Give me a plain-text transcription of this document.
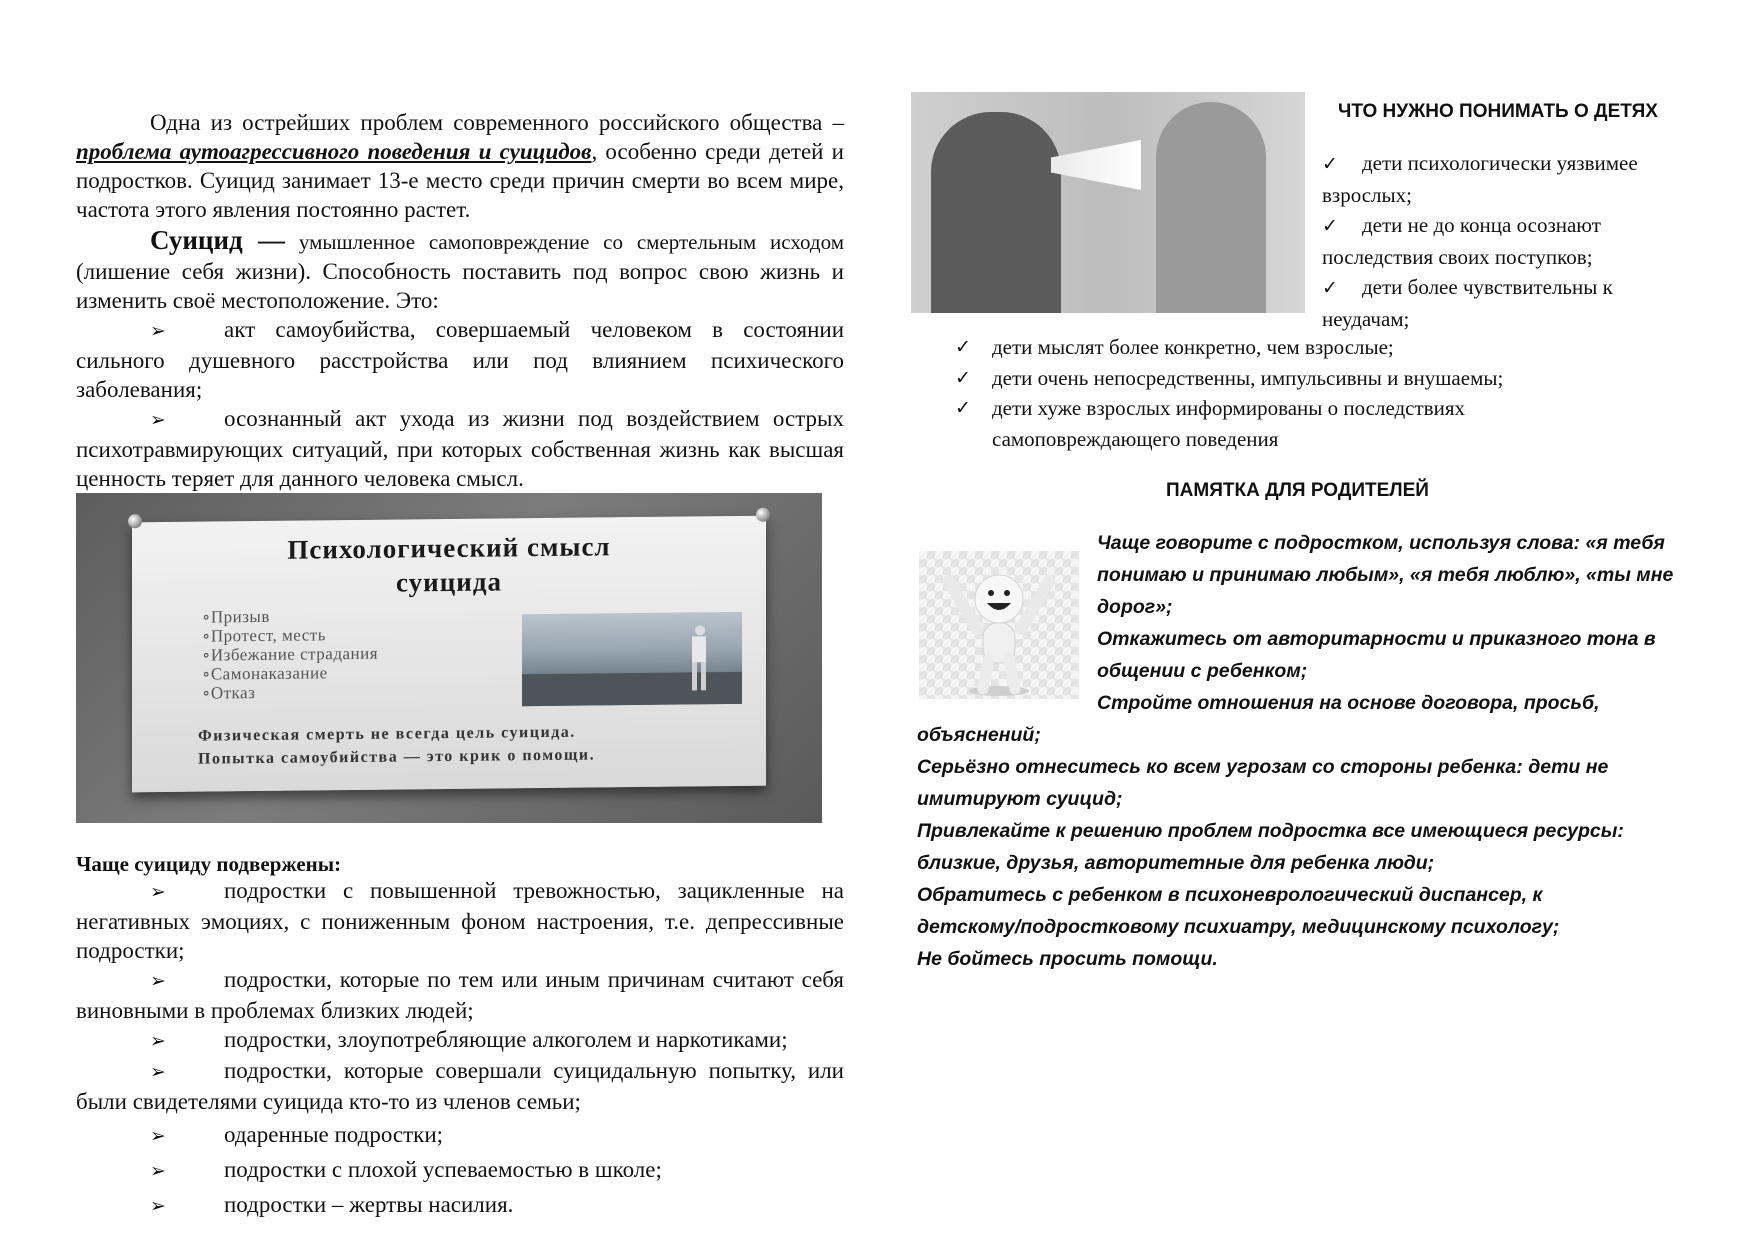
Одна из острейших проблем современного российского общества – проблема аутоагрессивного поведения и суицидов, особенно среди детей и подростков. Суицид занимает 13-е место среди причин смерти во всем мире, частота этого явления постоянно растет.

Суицид — умышленное самоповреждение со смертельным исходом (лишение себя жизни). Способность поставить под вопрос свою жизнь и изменить своё местоположение. Это:

➢	акт самоубийства, совершаемый человеком в состоянии сильного душевного расстройства или под влиянием психического заболевания;

➢	осознанный акт ухода из жизни под воздействием острых психотравмирующих ситуаций, при которых собственная жизнь как высшая ценность теряет для данного человека смысл.

Психологический смысл
суицида
∘ Призыв
∘ Протест, месть
∘ Избежание страдания
∘ Самонаказание
∘ Отказ
Физическая смерть не всегда цель суицида.
Попытка самоубийства — это крик о помощи.
Чаще суициду подвержены:

➢	подростки с повышенной тревожностью, зацикленные на негативных эмоциях, с пониженным фоном настроения, т.е. депрессивные подростки;

➢	подростки, которые по тем или иным причинам считают себя виновными в проблемах близких людей;

➢	подростки, злоупотребляющие алкоголем и наркотиками;

➢	подростки, которые совершали суицидальную попытку, или были свидетелями суицида кто-то из членов семьи;

➢	одаренные подростки;

➢	подростки с плохой успеваемостью в школе;

➢	подростки – жертвы насилия.

ЧТО НУЖНО ПОНИМАТЬ О ДЕТЯХ
✓ дети психологически уязвимее взрослых;
✓ дети не до конца осознают последствия своих поступков;
✓ дети более чувствительны к неудачам;
✓	дети мыслят более конкретно, чем взрослые;
✓	дети очень непосредственны, импульсивны и внушаемы;
✓	дети хуже взрослых информированы о последствиях самоповреждающего поведения
ПАМЯТКА ДЛЯ РОДИТЕЛЕЙ
Чаще говорите с подростком, используя слова: «я тебя понимаю и принимаю любым», «я тебя люблю», «ты мне дорог»;
Откажитесь от авторитарности и приказного тона в общении с ребенком;
Стройте отношения на основе договора, просьб,
объяснений;
Серьёзно отнеситесь ко всем угрозам со стороны ребенка: дети не имитируют суицид;
Привлекайте к решению проблем подростка все имеющиеся ресурсы: близкие, друзья, авторитетные для ребенка люди;
Обратитесь с ребенком в психоневрологический диспансер, к детскому/подростковому психиатру, медицинскому психологу;
Не бойтесь просить помощи.
